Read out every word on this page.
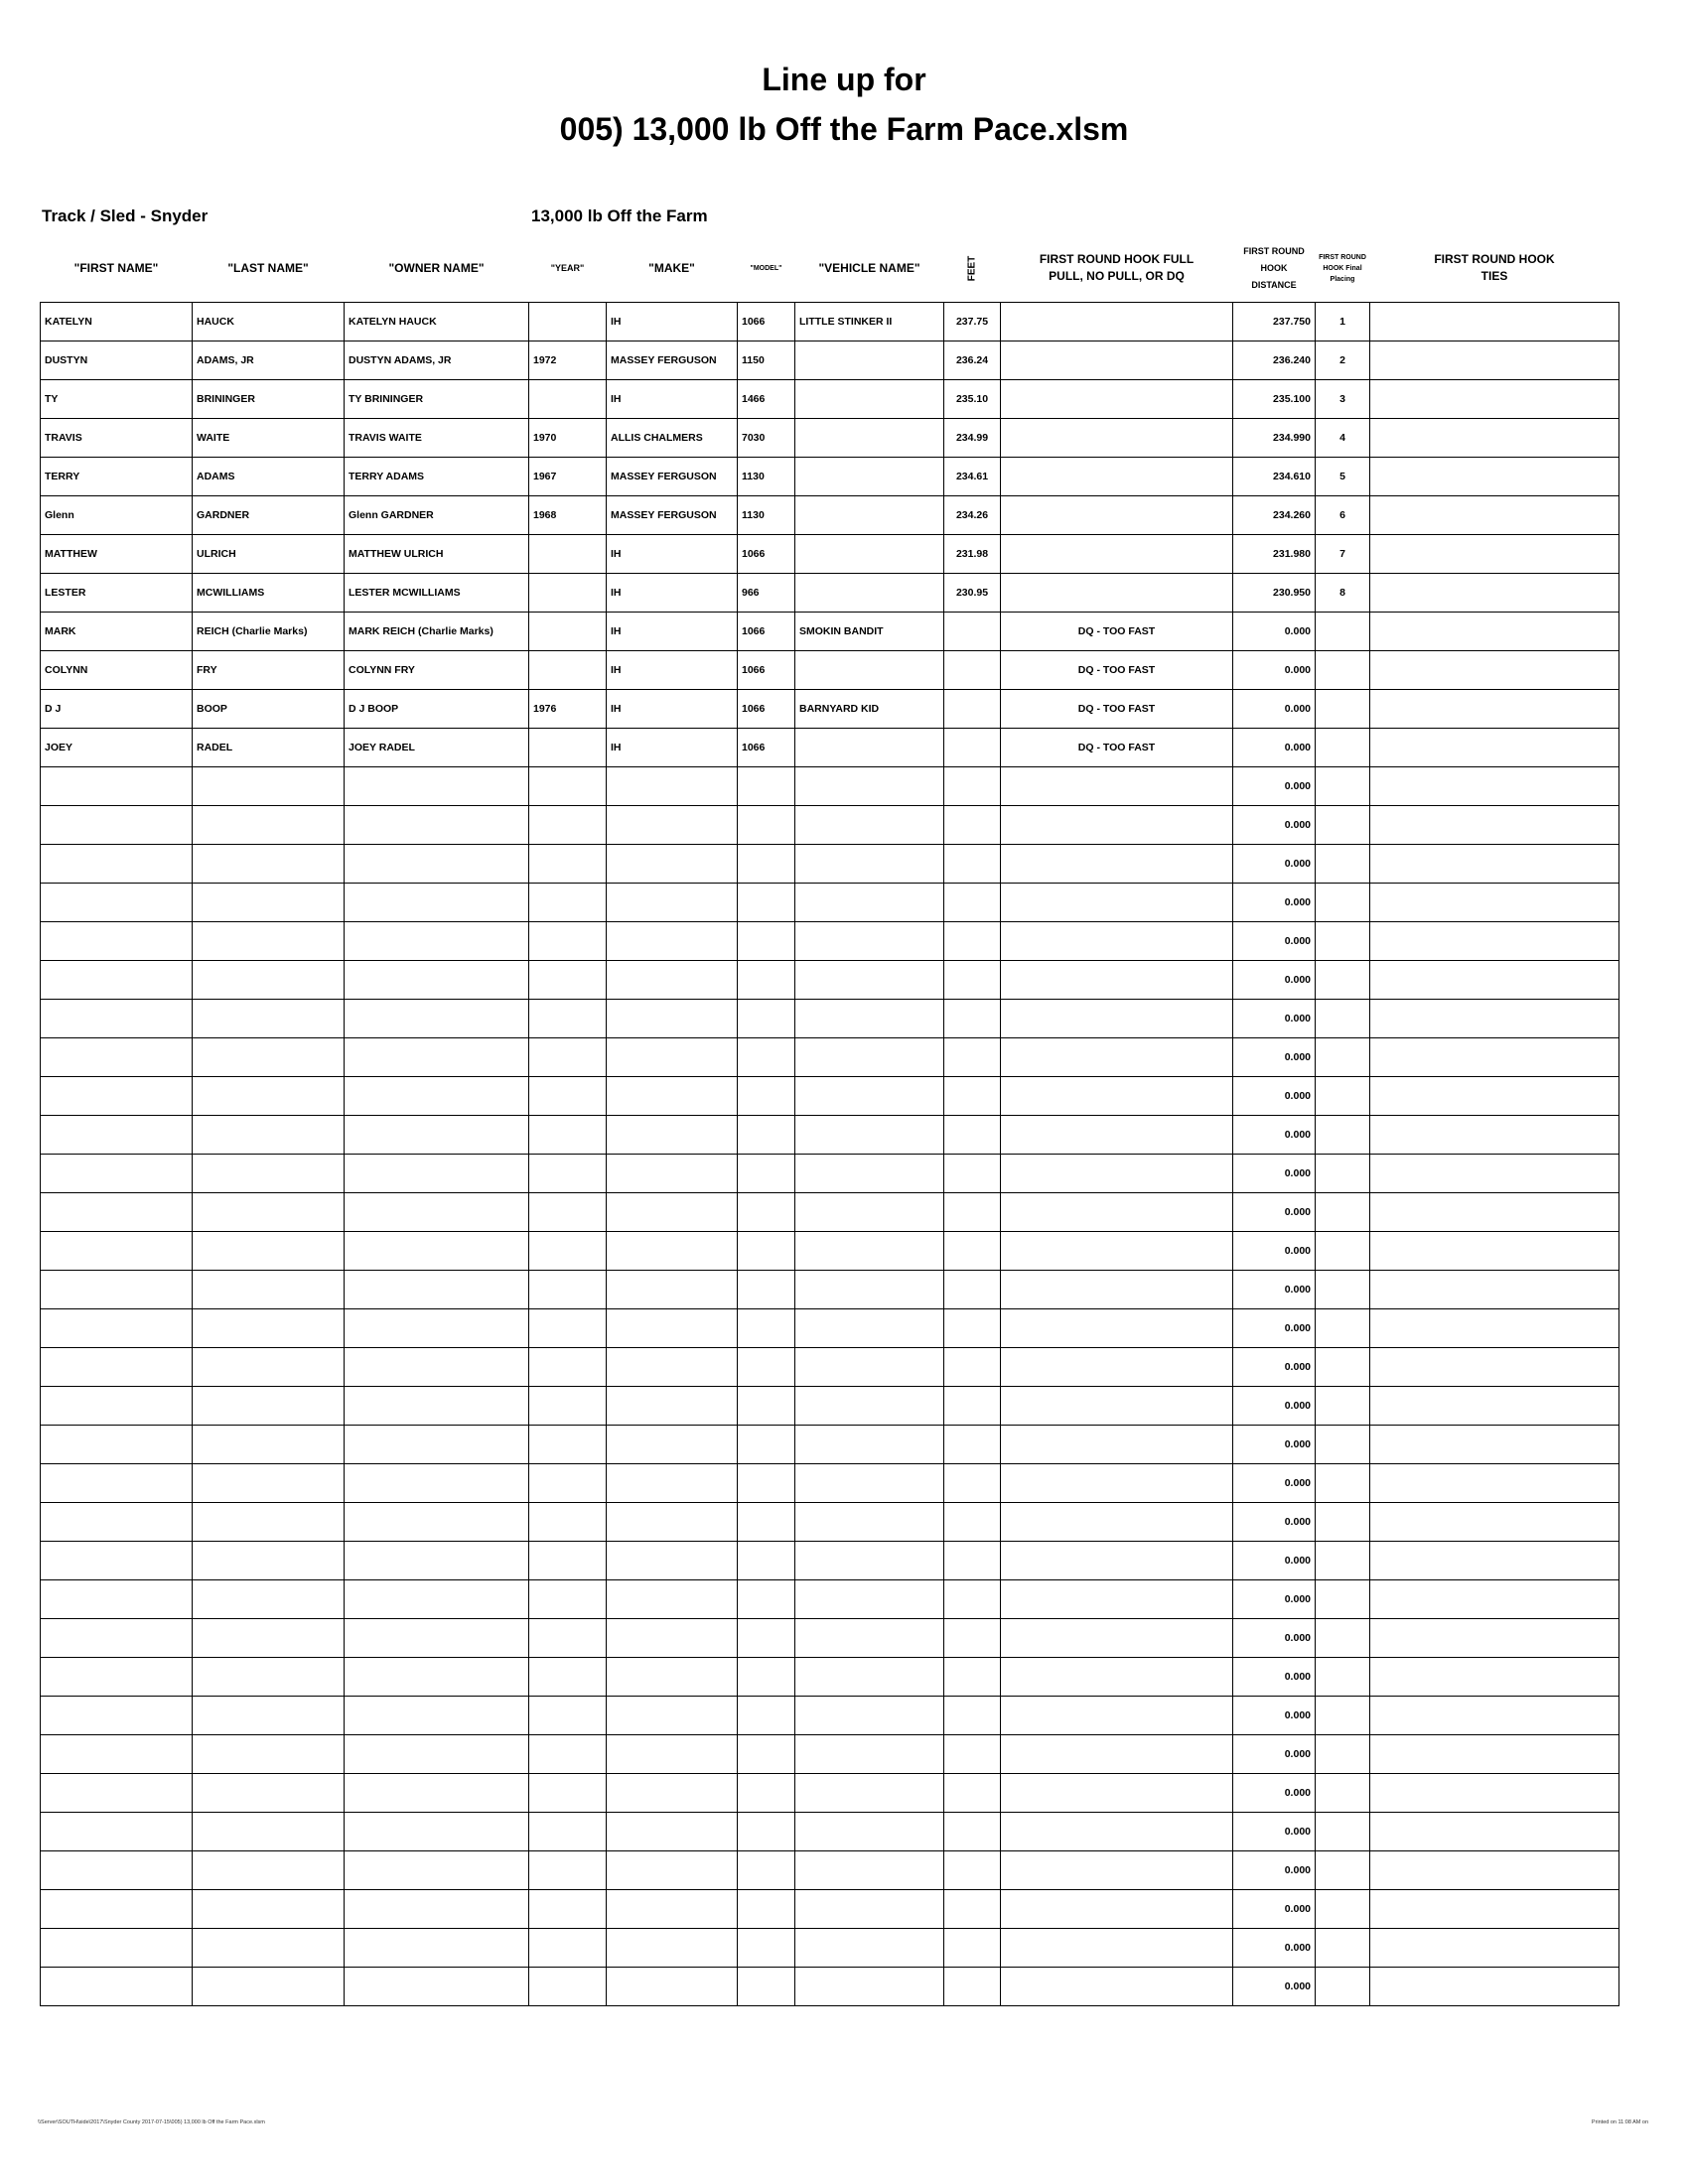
Line up for
005) 13,000 lb Off the Farm Pace.xlsm
Track / Sled - Snyder	13,000 lb Off the Farm
"FIRST NAME"	"LAST NAME"	"OWNER NAME"	"YEAR"	"MAKE"	"MODEL"	"VEHICLE NAME"	FEET	FIRST ROUND HOOK FULL PULL, NO PULL, OR DQ	FIRST ROUND HOOK DISTANCE	FIRST ROUND HOOK Final Placing	FIRST ROUND HOOK TIES
KATELYN	HAUCK	KATELYN HAUCK		IH	1066	LITTLE STINKER II	237.75		237.750	1	
DUSTYN	ADAMS, JR	DUSTYN ADAMS, JR	1972	MASSEY FERGUSON	1150		236.24		236.240	2	
TY	BRININGER	TY BRININGER		IH	1466		235.10		235.100	3	
TRAVIS	WAITE	TRAVIS WAITE	1970	ALLIS CHALMERS	7030		234.99		234.990	4	
TERRY	ADAMS	TERRY ADAMS	1967	MASSEY FERGUSON	1130		234.61		234.610	5	
Glenn	GARDNER	Glenn GARDNER	1968	MASSEY FERGUSON	1130		234.26		234.260	6	
MATTHEW	ULRICH	MATTHEW ULRICH		IH	1066		231.98		231.980	7	
LESTER	MCWILLIAMS	LESTER MCWILLIAMS		IH	966		230.95		230.950	8	
MARK	REICH (Charlie Marks)	MARK REICH (Charlie Marks)		IH	1066	SMOKIN BANDIT		DQ - TOO FAST	0.000		
COLYNN	FRY	COLYNN FRY		IH	1066			DQ - TOO FAST	0.000		
D J	BOOP	D J BOOP	1976	IH	1066	BARNYARD KID		DQ - TOO FAST	0.000		
JOEY	RADEL	JOEY RADEL		IH	1066			DQ - TOO FAST	0.000		
									0.000		
									0.000		
									0.000		
									0.000		
									0.000		
									0.000		
									0.000		
									0.000		
									0.000		
									0.000		
									0.000		
									0.000		
									0.000		
									0.000		
									0.000		
									0.000		
									0.000		
									0.000		
									0.000		
									0.000		
									0.000		
									0.000		
									0.000		
									0.000		
									0.000		
									0.000		
									0.000		
									0.000		
									0.000		
									0.000		
									0.000		
									0.000		
\\Server\SOUTH\side\2017\Snyder County 2017-07-15\005) 13,000 lb Off the Farm Pace.xlsm	Printed on 11:08 AM on
